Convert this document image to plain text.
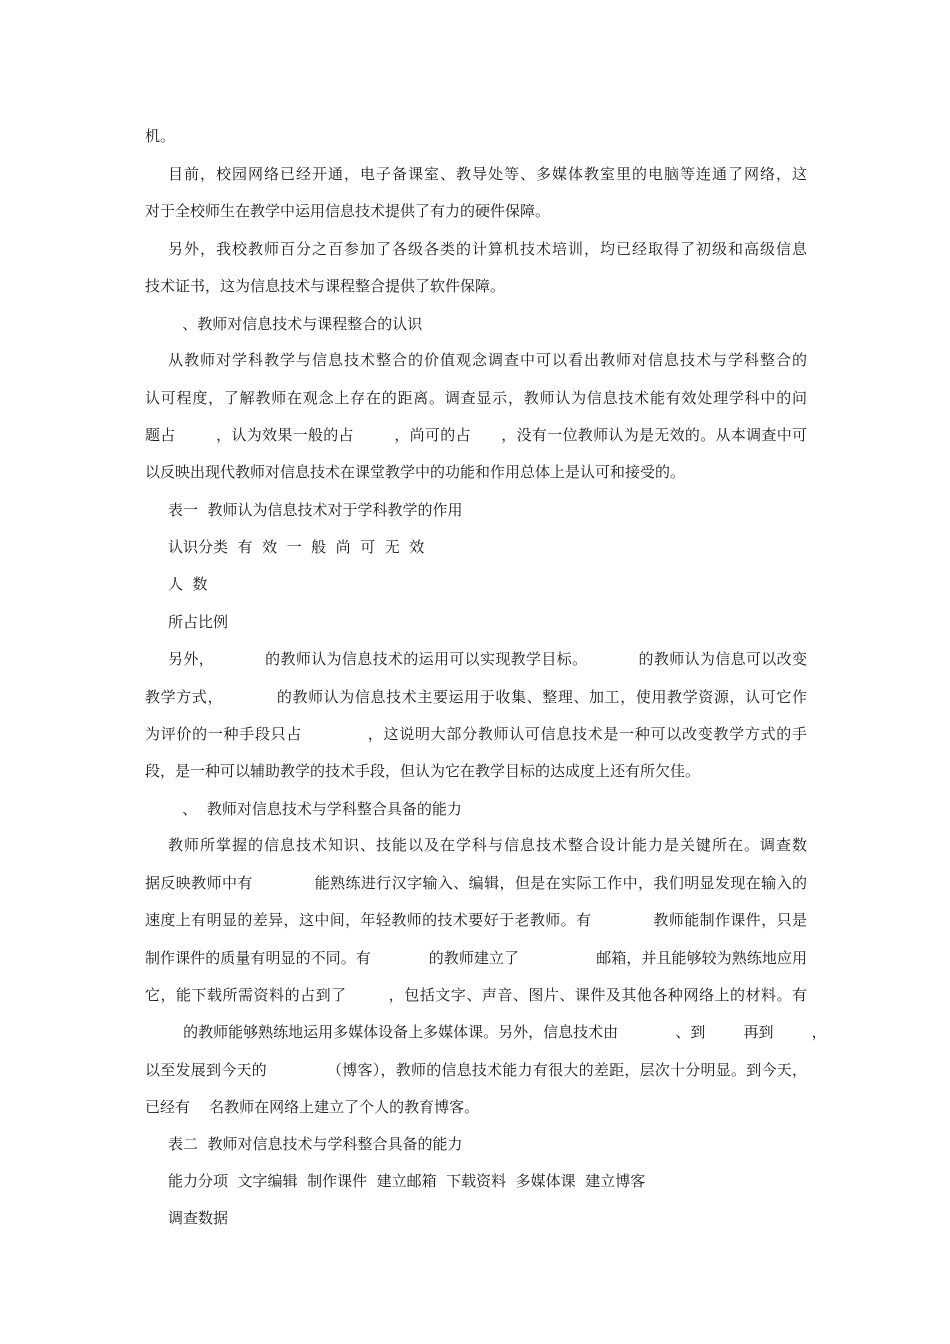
机。

目前，校园网络已经开通，电子备课室、教导处等、多媒体教室里的电脑等连通了网络，这

对于全校师生在教学中运用信息技术提供了有力的硬件保障。

另外，我校教师百分之百参加了各级各类的计算机技术培训，均已经取得了初级和高级信息

技术证书，这为信息技术与课程整合提供了软件保障。

、教师对信息技术与课程整合的认识

从教师对学科教学与信息技术整合的价值观念调查中可以看出教师对信息技术与学科整合的

认可程度，了解教师在观念上存在的距离。调查显示，教师认为信息技术能有效处理学科中的问

题占        ，认为效果一般的占        ，尚可的占      ，没有一位教师认为是无效的。从本调查中可

以反映出现代教师对信息技术在课堂教学中的功能和作用总体上是认可和接受的。

表一  教师认为信息技术对于学科教学的作用

认识分类  有  效  一  般  尚  可  无  效

人  数

所占比例

另外，          的教师认为信息技术的运用可以实现教学目标。          的教师认为信息可以改变

教学方式，          的教师认为信息技术主要运用于收集、整理、加工，使用教学资源，认可它作

为评价的一种手段只占            ，这说明大部分教师认可信息技术是一种可以改变教学方式的手

段，是一种可以辅助教学的技术手段，但认为它在教学目标的达成度上还有所欠佳。

、  教师对信息技术与学科整合具备的能力

教师所掌握的信息技术知识、技能以及在学科与信息技术整合设计能力是关键所在。调查数

据反映教师中有            能熟练进行汉字输入、编辑，但是在实际工作中，我们明显发现在输入的

速度上有明显的差异，这中间，年轻教师的技术要好于老教师。有            教师能制作课件，只是

制作课件的质量有明显的不同。有            的教师建立了                邮箱，并且能够较为熟练地应用

它，能下载所需资料的占到了        ，包括文字、声音、图片、课件及其他各种网络上的材料。有

的教师能够熟练地运用多媒体设备上多媒体课。另外，信息技术由            、到        再到        ，

以至发展到今天的            （博客），教师的信息技术能力有很大的差距，层次十分明显。到今天，

已经有    名教师在网络上建立了个人的教育博客。

表二  教师对信息技术与学科整合具备的能力

能力分项  文字编辑  制作课件  建立邮箱  下载资料  多媒体课  建立博客

调查数据
